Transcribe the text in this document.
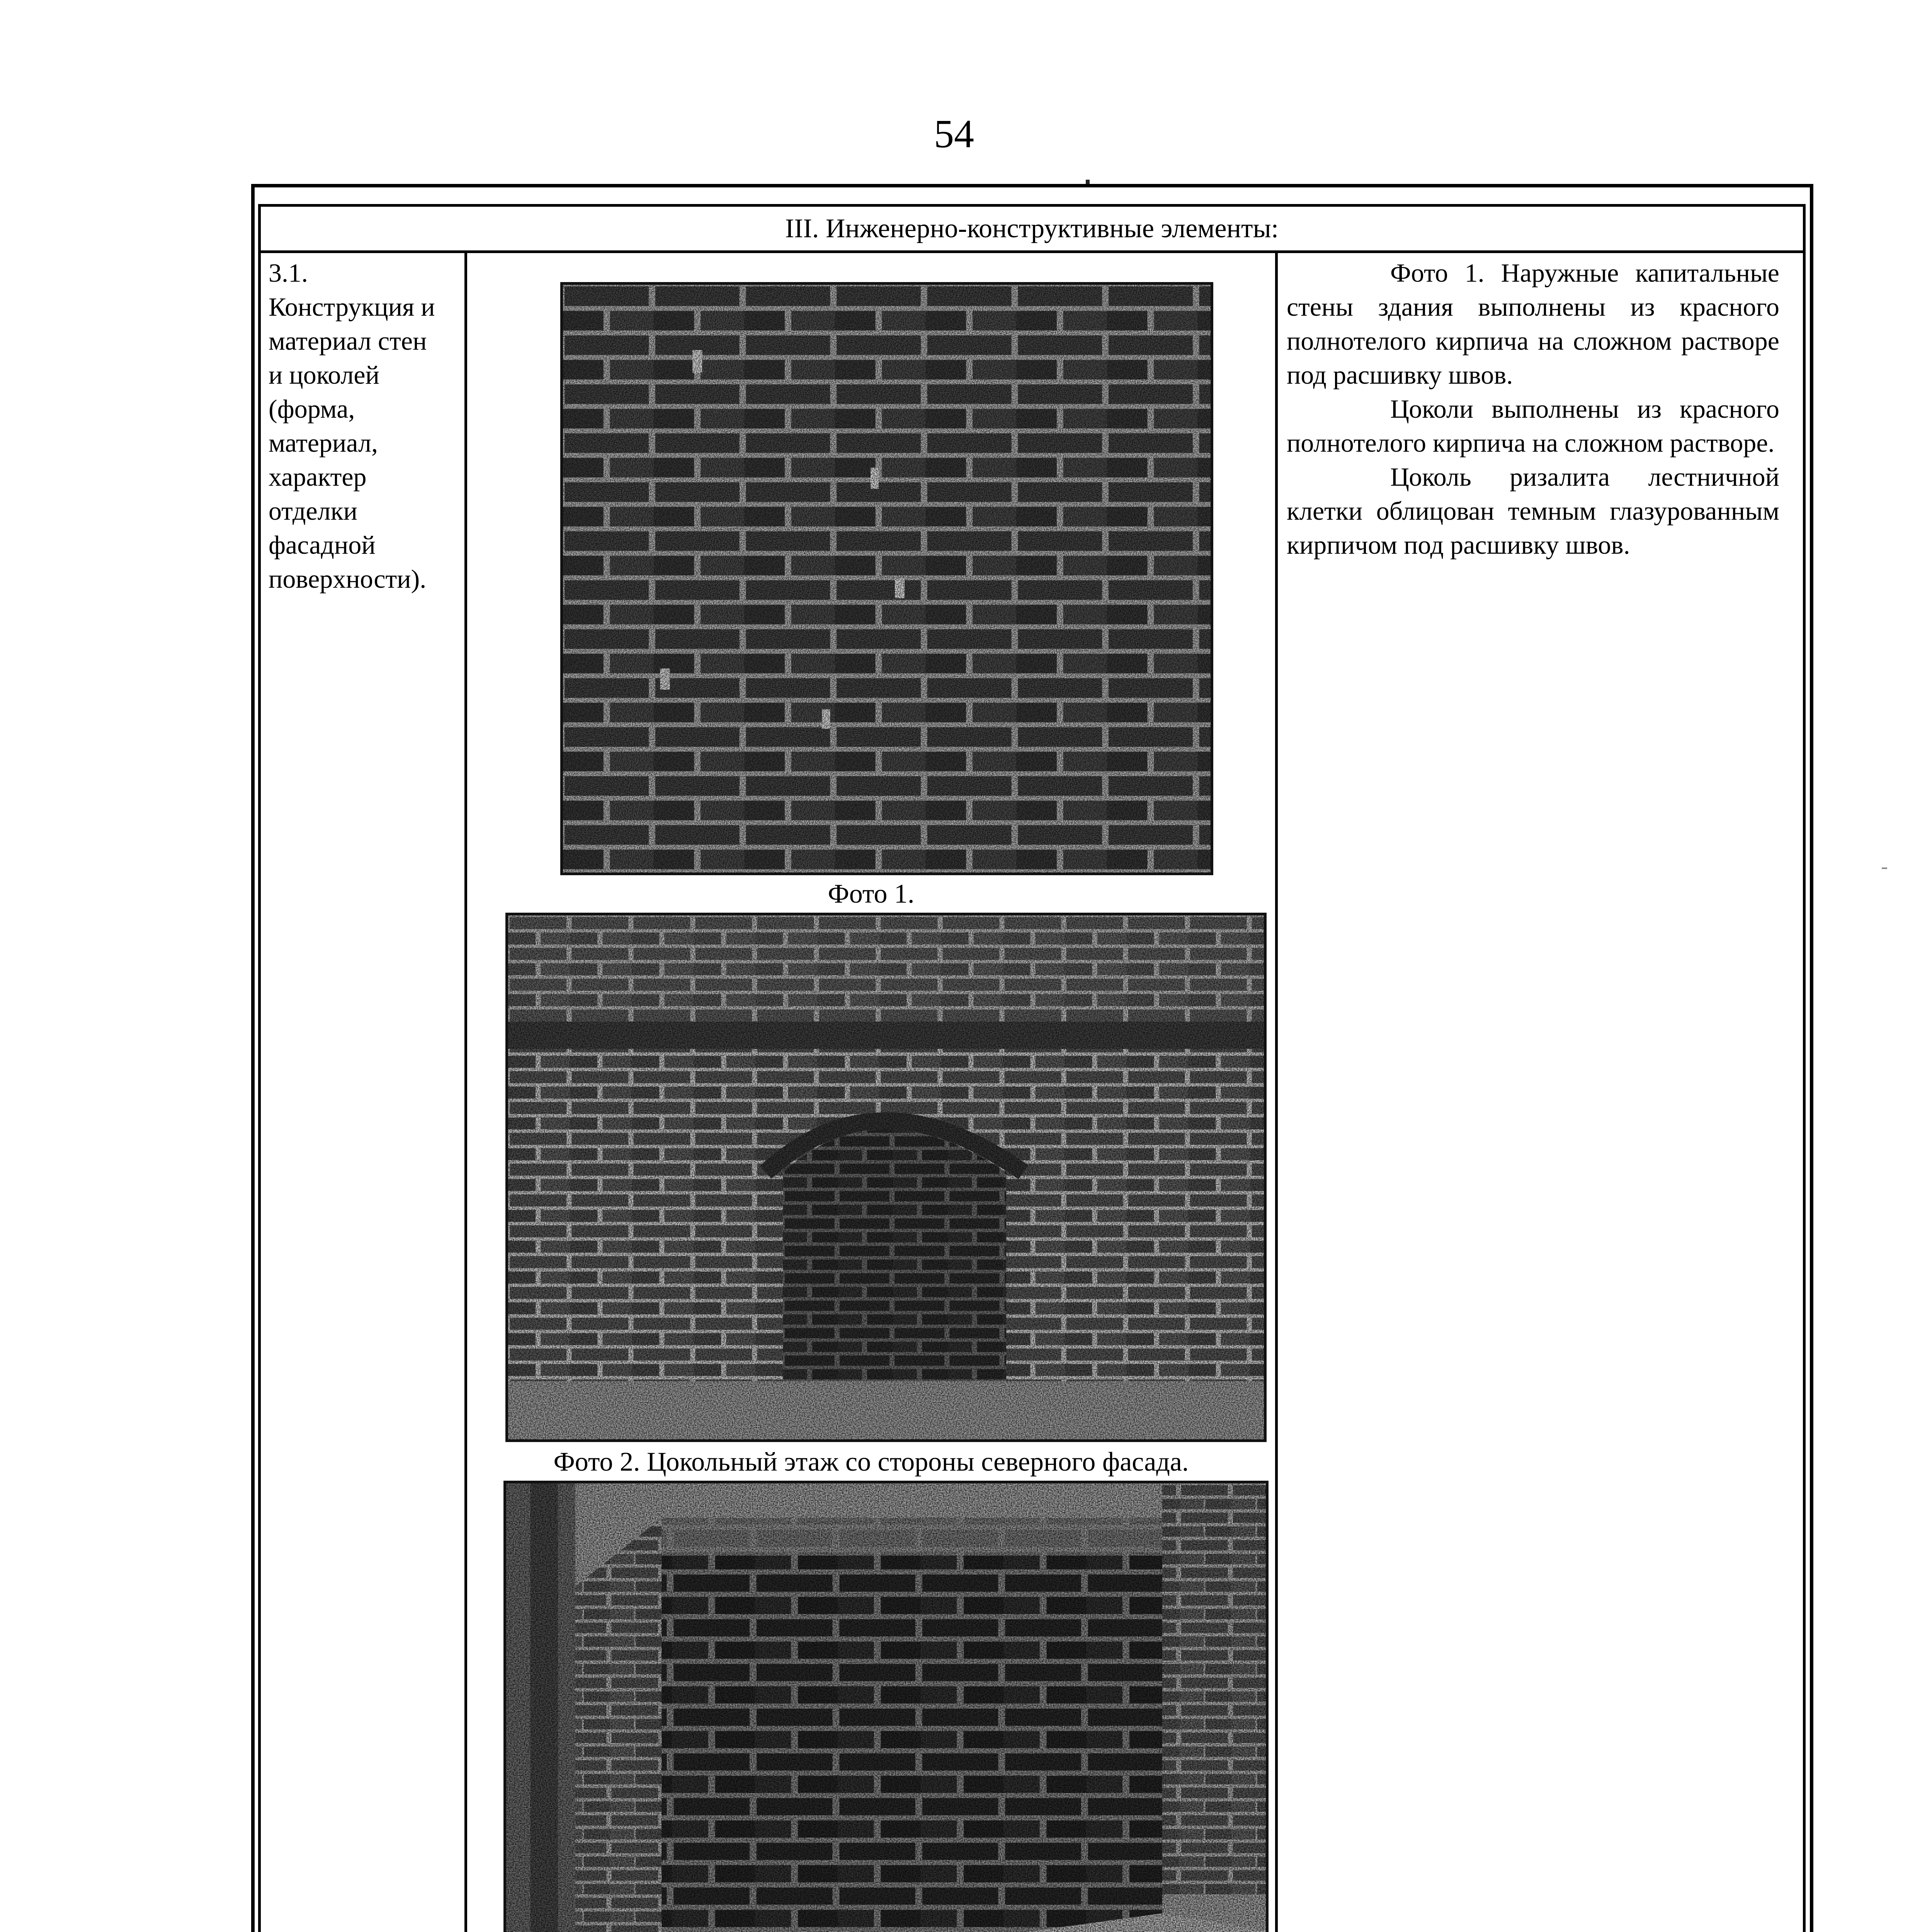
54
III. Инженерно-конструктивные элементы:
3.1.
Конструкция и
материал стен
и цоколей
(форма,
материал,
характер
отделки
фасадной
поверхности).
Фото 1. Наружные капитальные стены здания выполнены из красного полнотелого кирпича на сложном растворе под расшивку швов.
Цоколи выполнены из красного полнотелого кирпича на сложном растворе.
Цоколь ризалита лестничной клетки облицован темным глазурованным кирпичом под расшивку швов.
Фото 1.
Фото 2. Цокольный этаж со стороны северного фасада.
